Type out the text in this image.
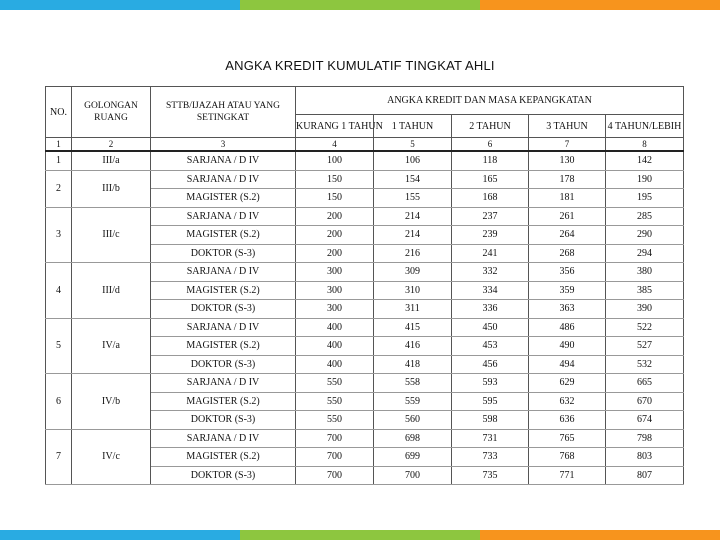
ANGKA KREDIT KUMULATIF TINGKAT AHLI
NO.	GOLONGAN RUANG	STTB/IJAZAH ATAU YANG SETINGKAT	ANGKA KREDIT DAN MASA KEPANGKATAN				
			KURANG 1 TAHUN	1 TAHUN	2 TAHUN	3 TAHUN	4 TAHUN/LEBIH
1	2	3	4	5	6	7	8
1	III/a	SARJANA / D IV	100	106	118	130	142
2	III/b	SARJANA / D IV	150	154	165	178	190
		MAGISTER (S.2)	150	155	168	181	195
3	III/c	SARJANA / D IV	200	214	237	261	285
		MAGISTER (S.2)	200	214	239	264	290
		DOKTOR (S-3)	200	216	241	268	294
4	III/d	SARJANA / D IV	300	309	332	356	380
		MAGISTER (S.2)	300	310	334	359	385
		DOKTOR (S-3)	300	311	336	363	390
5	IV/a	SARJANA / D IV	400	415	450	486	522
		MAGISTER (S.2)	400	416	453	490	527
		DOKTOR (S-3)	400	418	456	494	532
6	IV/b	SARJANA / D IV	550	558	593	629	665
		MAGISTER (S.2)	550	559	595	632	670
		DOKTOR (S-3)	550	560	598	636	674
7	IV/c	SARJANA / D IV	700	698	731	765	798
		MAGISTER (S.2)	700	699	733	768	803
		DOKTOR (S-3)	700	700	735	771	807
